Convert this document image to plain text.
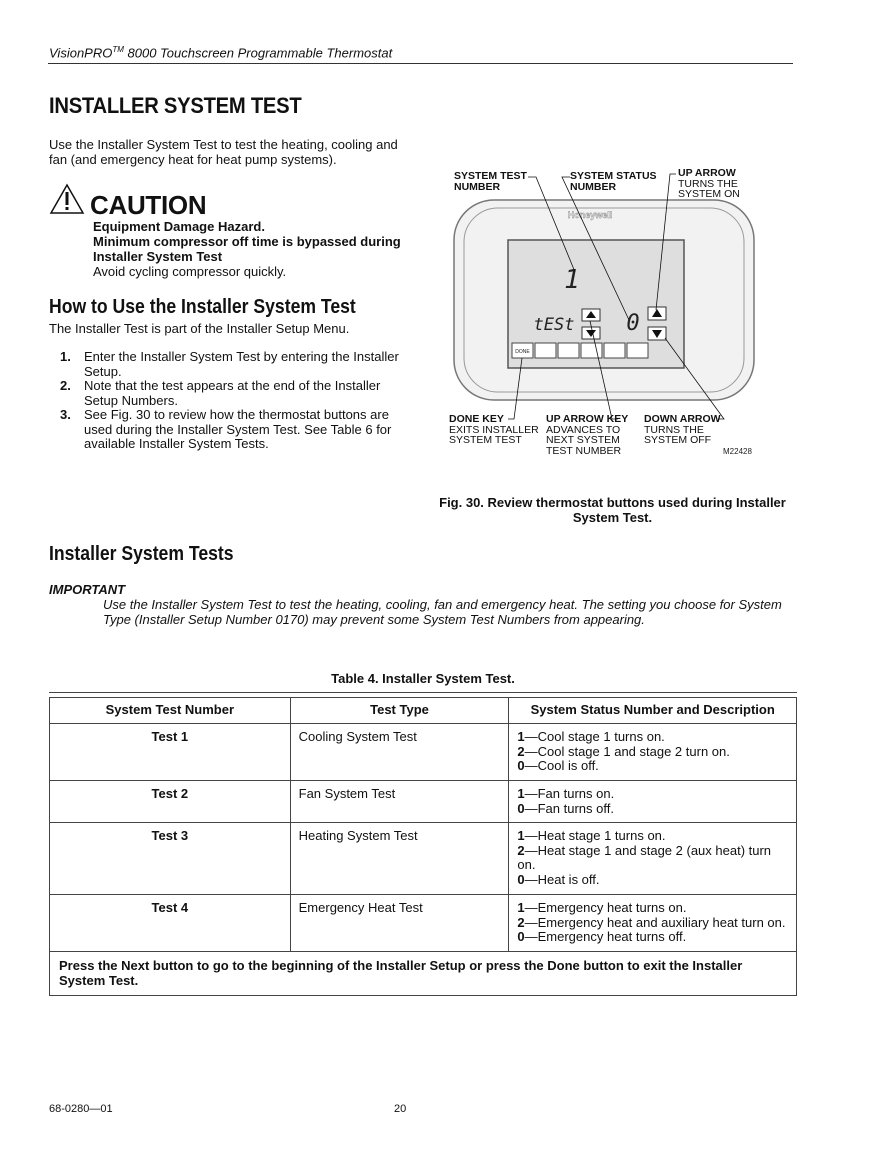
VisionPRO™ 8000 Touchscreen Programmable Thermostat
INSTALLER SYSTEM TEST
Use the Installer System Test to test the heating, cooling and fan (and emergency heat for heat pump systems).
CAUTION
Equipment Damage Hazard.
Minimum compressor off time is bypassed during Installer System Test
Avoid cycling compressor quickly.
How to Use the Installer System Test
The Installer Test is part of the Installer Setup Menu.
1. Enter the Installer System Test by entering the Installer Setup.
2. Note that the test appears at the end of the Installer Setup Numbers.
3. See Fig. 30 to review how the thermostat buttons are used during the Installer System Test. See Table 6 for available Installer System Tests.
Honeywell
1
tESt 0
DONE
M22428
SYSTEM TEST
NUMBER
SYSTEM STATUS
NUMBER
UP ARROW
TURNS THE
SYSTEM ON
DONE KEY
EXITS INSTALLER
SYSTEM TEST
UP ARROW KEY
ADVANCES TO
NEXT SYSTEM
TEST NUMBER
DOWN ARROW
TURNS THE
SYSTEM OFF
Fig. 30. Review thermostat buttons used during Installer System Test.
Installer System Tests
IMPORTANT
Use the Installer System Test to test the heating, cooling, fan and emergency heat. The setting you choose for System Type (Installer Setup Number 0170) may prevent some System Test Numbers from appearing.
Table 4. Installer System Test.
System Test Number	Test Type	System Status Number and Description
Test 1	Cooling System Test	1—Cool stage 1 turns on.
2—Cool stage 1 and stage 2 turn on.
0—Cool is off.

Test 2	Fan System Test	1—Fan turns on.
0—Fan turns off.

Test 3	Heating System Test	1—Heat stage 1 turns on.
2—Heat stage 1 and stage 2 (aux heat) turn on.
0—Heat is off.

Test 4	Emergency Heat Test	1—Emergency heat turns on.
2—Emergency heat and auxiliary heat turn on.
0—Emergency heat turns off.

Press the Next button to go to the beginning of the Installer Setup or press the Done button to exit the Installer System Test.		
68-0280—01	20
